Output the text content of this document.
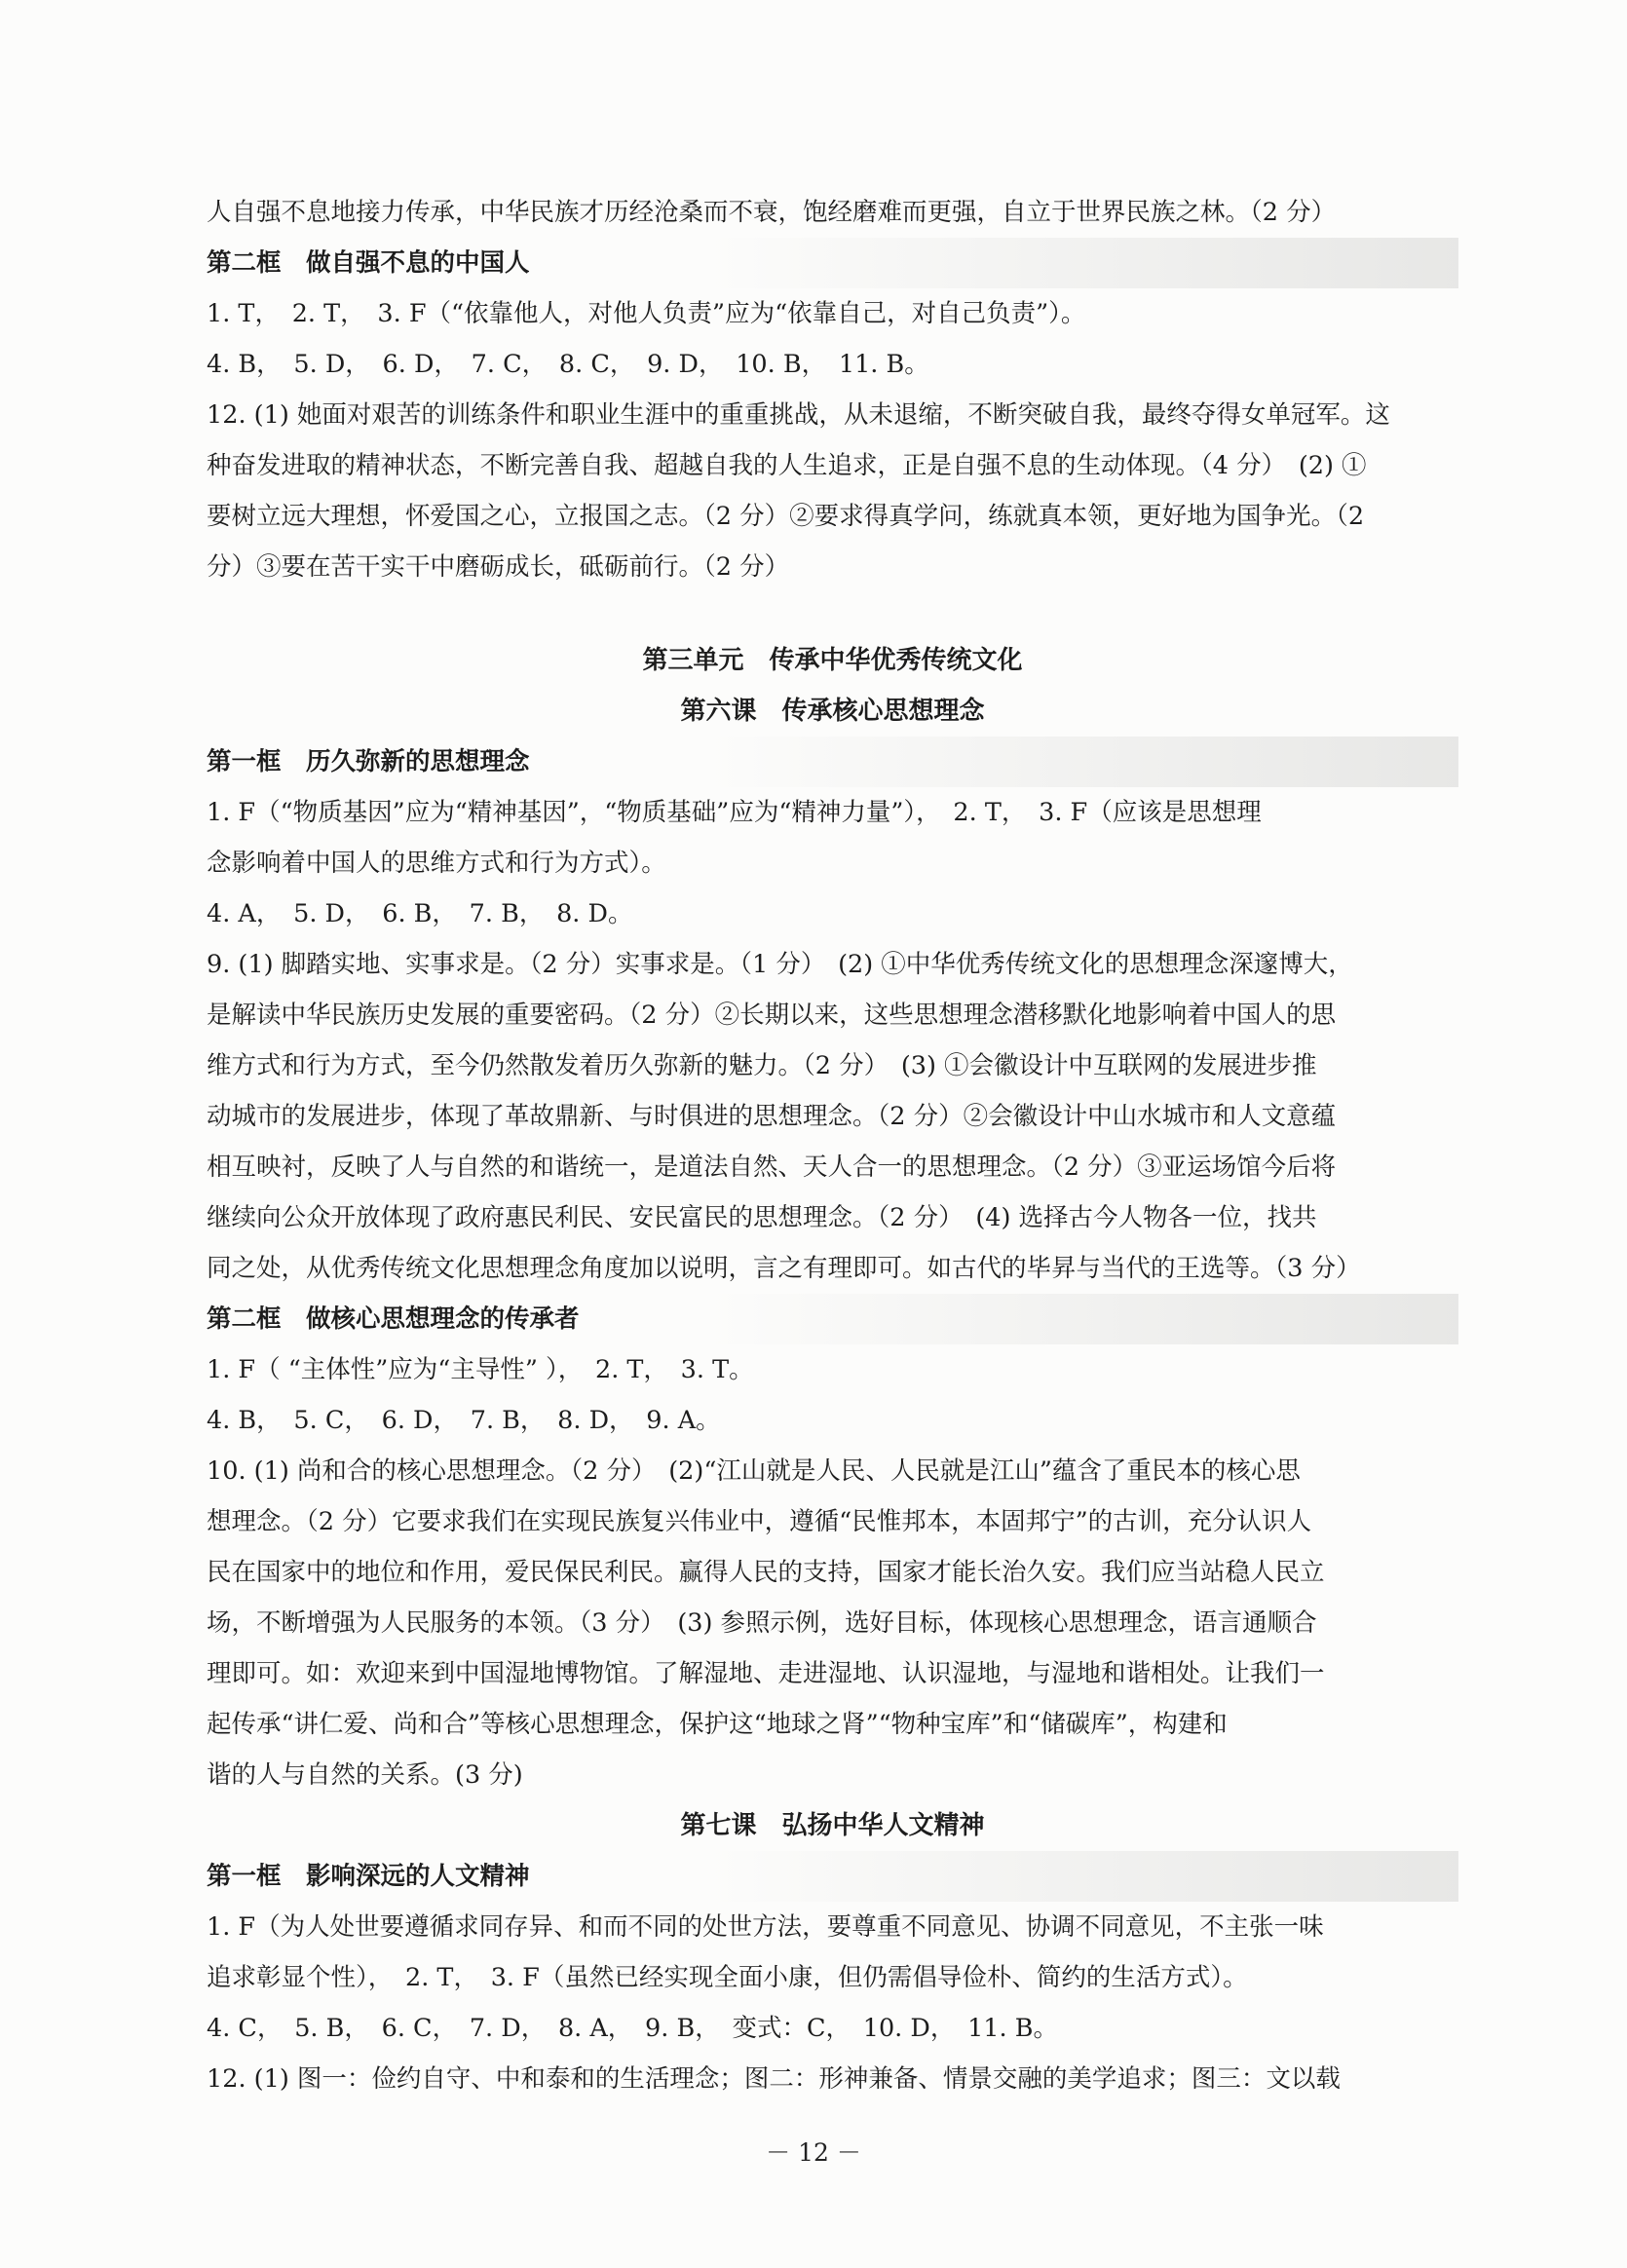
人自强不息地接力传承，中华民族才历经沧桑而不衰，饱经磨难而更强，自立于世界民族之林。（2 分）
第二框　做自强不息的中国人
1. T，　2. T，　3. F（“依靠他人，对他人负责”应为“依靠自己，对自己负责”）。
4. B，　5. D，　6. D，　7. C，　8. C，　9. D，　10. B，　11. B。
12. (1) 她面对艰苦的训练条件和职业生涯中的重重挑战，从未退缩，不断突破自我，最终夺得女单冠军。这
种奋发进取的精神状态，不断完善自我、超越自我的人生追求，正是自强不息的生动体现。（4 分）　(2) ①
要树立远大理想，怀爱国之心，立报国之志。（2 分）②要求得真学问，练就真本领，更好地为国争光。（2
分）③要在苦干实干中磨砺成长，砥砺前行。（2 分）
第三单元　传承中华优秀传统文化
第六课　传承核心思想理念
第一框　历久弥新的思想理念
1. F（“物质基因”应为“精神基因”，“物质基础”应为“精神力量”），　2. T，　3. F（应该是思想理
念影响着中国人的思维方式和行为方式）。
4. A，　5. D，　6. B，　7. B，　8. D。
9. (1) 脚踏实地、实事求是。（2 分）实事求是。（1 分）　(2) ①中华优秀传统文化的思想理念深邃博大，
是解读中华民族历史发展的重要密码。（2 分）②长期以来，这些思想理念潜移默化地影响着中国人的思
维方式和行为方式，至今仍然散发着历久弥新的魅力。（2 分）　(3) ①会徽设计中互联网的发展进步推
动城市的发展进步，体现了革故鼎新、与时俱进的思想理念。（2 分）②会徽设计中山水城市和人文意蕴
相互映衬，反映了人与自然的和谐统一，是道法自然、天人合一的思想理念。（2 分）③亚运场馆今后将
继续向公众开放体现了政府惠民利民、安民富民的思想理念。（2 分）　(4) 选择古今人物各一位，找共
同之处，从优秀传统文化思想理念角度加以说明，言之有理即可。如古代的毕昇与当代的王选等。（3 分）
第二框　做核心思想理念的传承者
1. F（ “主体性”应为“主导性” ），　2. T，　3. T。
4. B，　5. C，　6. D，　7. B，　8. D，　9. A。
10. (1) 尚和合的核心思想理念。（2 分）　(2)“江山就是人民、人民就是江山”蕴含了重民本的核心思
想理念。（2 分）它要求我们在实现民族复兴伟业中，遵循“民惟邦本，本固邦宁”的古训，充分认识人
民在国家中的地位和作用，爱民保民利民。赢得人民的支持，国家才能长治久安。我们应当站稳人民立
场，不断增强为人民服务的本领。（3 分）　(3) 参照示例，选好目标，体现核心思想理念，语言通顺合
理即可。如：欢迎来到中国湿地博物馆。了解湿地、走进湿地、认识湿地，与湿地和谐相处。让我们一
起传承“讲仁爱、尚和合”等核心思想理念，保护这“地球之肾”“物种宝库”和“储碳库”，构建和
谐的人与自然的关系。(3 分)
第七课　弘扬中华人文精神
第一框　影响深远的人文精神
1. F（为人处世要遵循求同存异、和而不同的处世方法，要尊重不同意见、协调不同意见，不主张一味
追求彰显个性），　2. T，　3. F（虽然已经实现全面小康，但仍需倡导俭朴、简约的生活方式）。
4. C，　5. B，　6. C，　7. D，　8. A，　9. B，　变式：C，　10. D，　11. B。
12. (1) 图一：俭约自守、中和泰和的生活理念；图二：形神兼备、情景交融的美学追求；图三：文以载
－ 12 －
